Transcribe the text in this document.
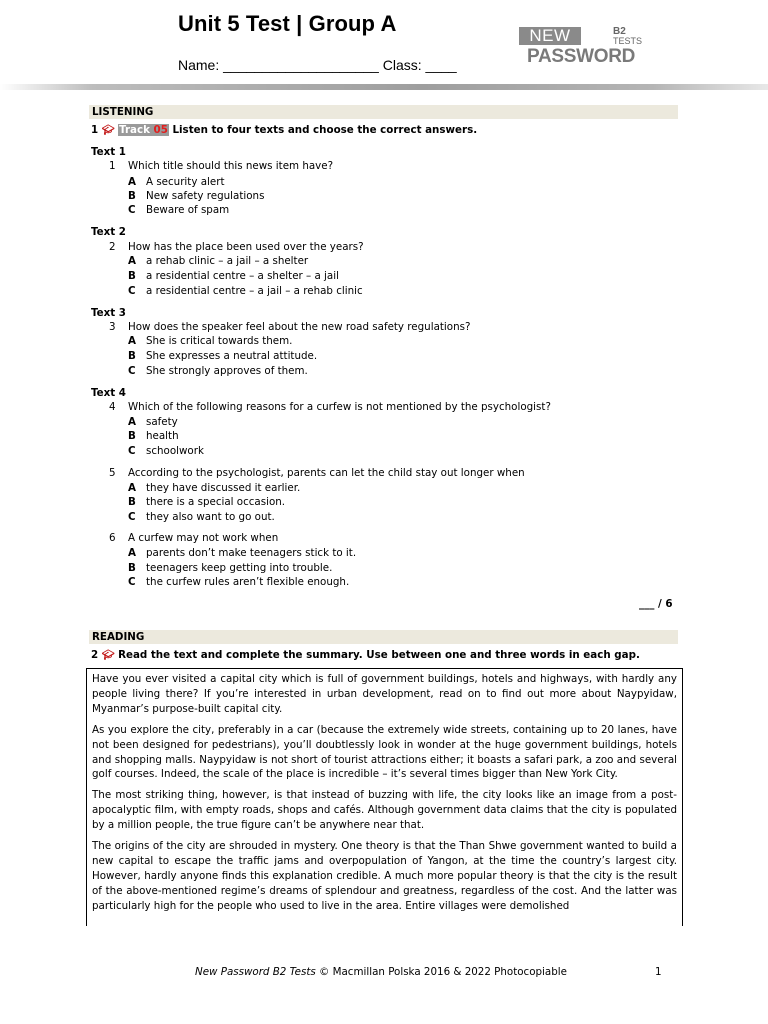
Unit 5 Test | Group A
Name: ____________________ Class: ____
NEW	B2
TESTS
PASSWORD
LISTENING
1 🎓︎ Track 05 Listen to four texts and choose the correct answers.
Text 1
1 Which title should this news item have?
A A security alert
B New safety regulations
C Beware of spam
Text 2
2 How has the place been used over the years?
A a rehab clinic – a jail – a shelter
B a residential centre – a shelter – a jail
C a residential centre – a jail – a rehab clinic
Text 3
3 How does the speaker feel about the new road safety regulations?
A She is critical towards them.
B She expresses a neutral attitude.
C She strongly approves of them.
Text 4
4 Which of the following reasons for a curfew is not mentioned by the psychologist?
A safety
B health
C schoolwork
5 According to the psychologist, parents can let the child stay out longer when
A they have discussed it earlier.
B there is a special occasion.
C they also want to go out.
6 A curfew may not work when
A parents don’t make teenagers stick to it.
B teenagers keep getting into trouble.
C the curfew rules aren’t flexible enough.
___ / 6
READING
2 🎓︎ Read the text and complete the summary. Use between one and three words in each gap.

Have you ever visited a capital city which is full of government buildings, hotels and highways, with hardly any people living there? If you’re interested in urban development, read on to find out more about Naypyidaw, Myanmar’s purpose-built capital city.

As you explore the city, preferably in a car (because the extremely wide streets, containing up to 20 lanes, have not been designed for pedestrians), you’ll doubtlessly look in wonder at the huge government buildings, hotels and shopping malls. Naypyidaw is not short of tourist attractions either; it boasts a safari park, a zoo and several golf courses. Indeed, the scale of the place is incredible – it’s several times bigger than New York City.

The most striking thing, however, is that instead of buzzing with life, the city looks like an image from a post-apocalyptic film, with empty roads, shops and cafés. Although government data claims that the city is populated by a million people, the true figure can’t be anywhere near that.

The origins of the city are shrouded in mystery. One theory is that the Than Shwe government wanted to build a new capital to escape the traffic jams and overpopulation of Yangon, at the time the country’s largest city. However, hardly anyone finds this explanation credible. A much more popular theory is that the city is the result of the above-mentioned regime’s dreams of splendour and greatness, regardless of the cost. And the latter was particularly high for the people who used to live in the area. Entire villages were demolished

New Password B2 Tests © Macmillan Polska 2016 & 2022 Photocopiable	1
